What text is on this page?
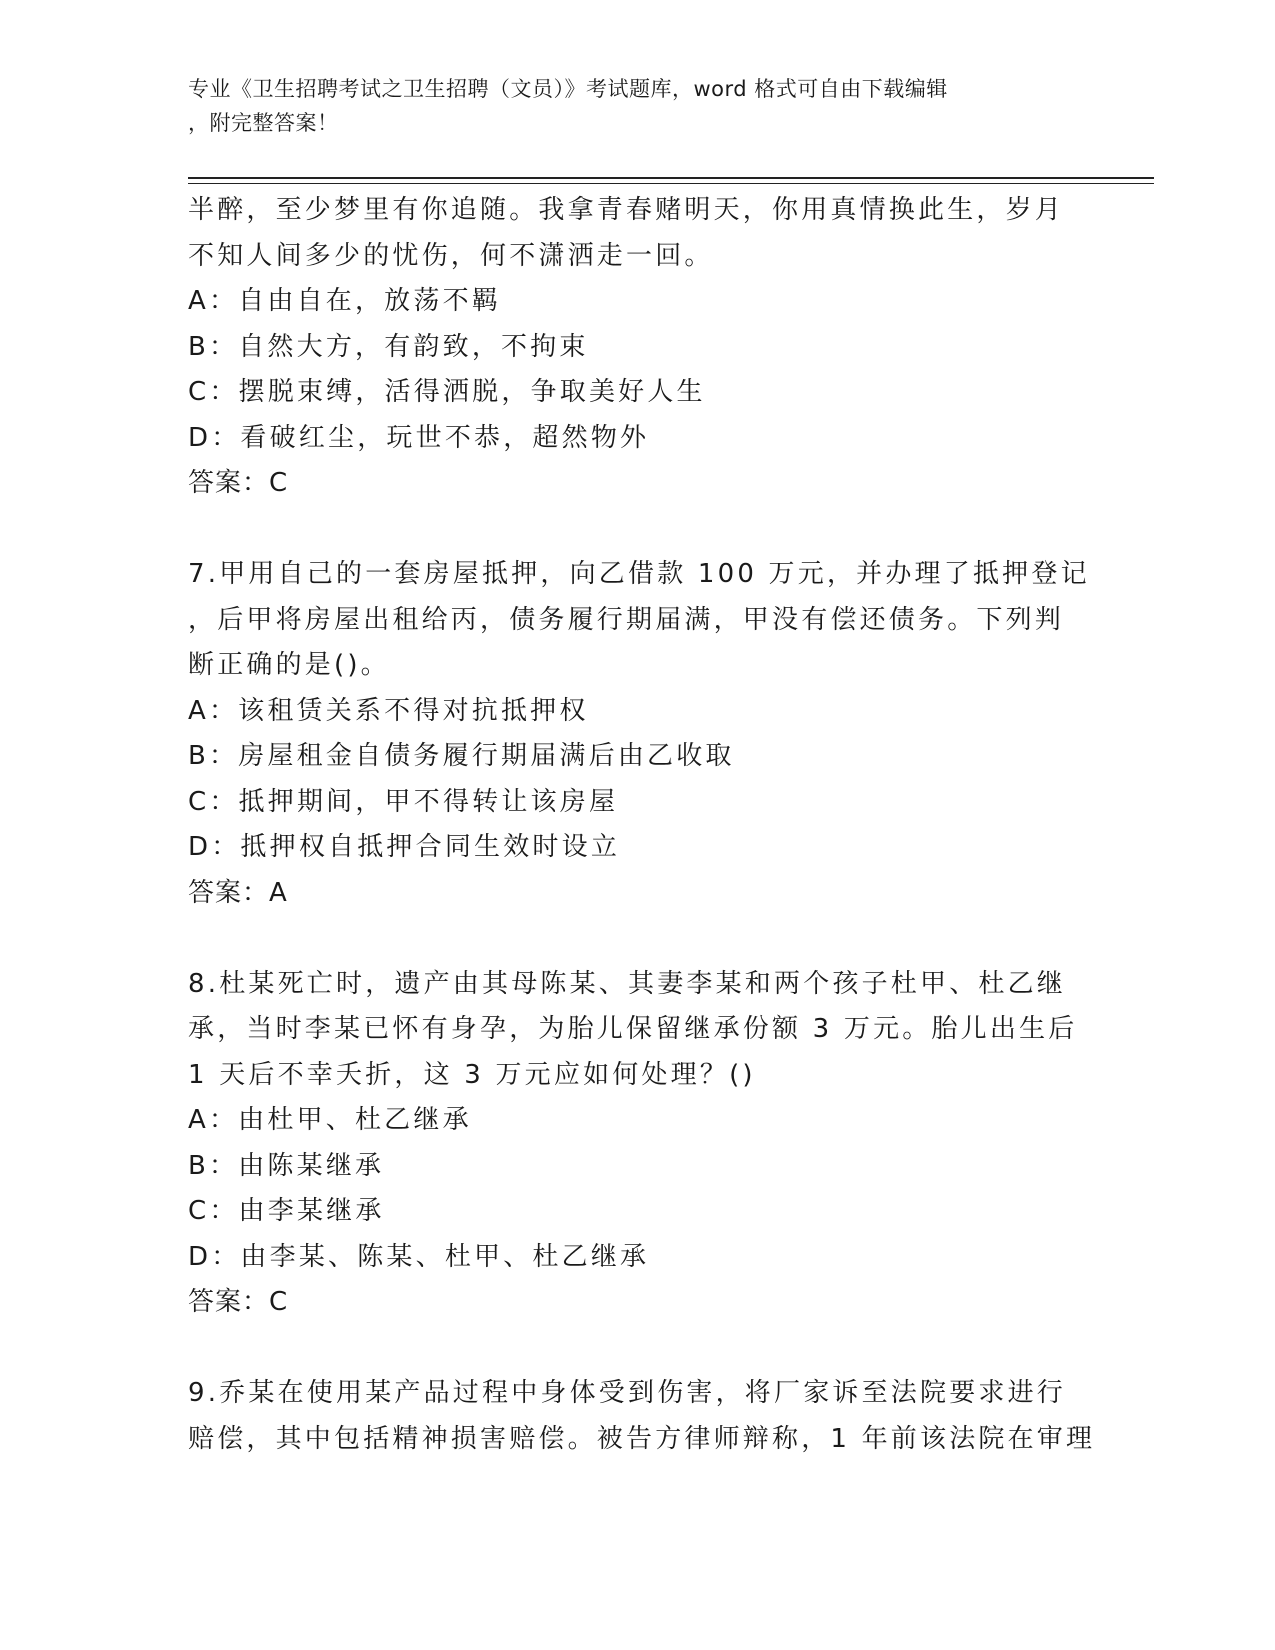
专业《卫生招聘考试之卫生招聘（文员）》考试题库，word 格式可自由下载编辑
，附完整答案！
半醉，至少梦里有你追随。我拿青春赌明天，你用真情换此生，岁月
不知人间多少的忧伤，何不潇洒走一回。
A：自由自在，放荡不羁
B：自然大方，有韵致，不拘束
C：摆脱束缚，活得洒脱，争取美好人生
D：看破红尘，玩世不恭，超然物外
答案：C
7.甲用自己的一套房屋抵押，向乙借款 100 万元，并办理了抵押登记
，后甲将房屋出租给丙，债务履行期届满，甲没有偿还债务。下列判
断正确的是()。
A：该租赁关系不得对抗抵押权
B：房屋租金自债务履行期届满后由乙收取
C：抵押期间，甲不得转让该房屋
D：抵押权自抵押合同生效时设立
答案：A
8.杜某死亡时，遗产由其母陈某、其妻李某和两个孩子杜甲、杜乙继
承，当时李某已怀有身孕，为胎儿保留继承份额 3 万元。胎儿出生后
1 天后不幸夭折，这 3 万元应如何处理？()
A：由杜甲、杜乙继承
B：由陈某继承
C：由李某继承
D：由李某、陈某、杜甲、杜乙继承
答案：C
9.乔某在使用某产品过程中身体受到伤害，将厂家诉至法院要求进行
赔偿，其中包括精神损害赔偿。被告方律师辩称，1 年前该法院在审理
